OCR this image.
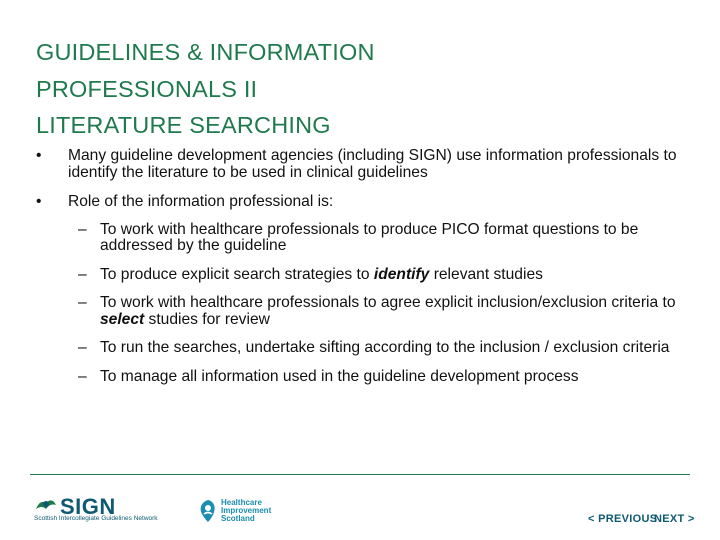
GUIDELINES & INFORMATION
PROFESSIONALS II
LITERATURE SEARCHING
• Many guideline development agencies (including SIGN) use information professionals to identify the literature to be used in clinical guidelines
• Role of the information professional is:
– To work with healthcare professionals to produce PICO format questions to be addressed by the guideline
– To produce explicit search strategies to identify relevant studies
– To work with healthcare professionals to agree explicit inclusion/exclusion criteria to select studies for review
– To run the searches, undertake sifting according to the inclusion / exclusion criteria
– To manage all information used in the guideline development process
SIGN
Scottish Intercollegiate Guidelines Network
Healthcare
Improvement
Scotland	< PREVIOUS
NEXT >
